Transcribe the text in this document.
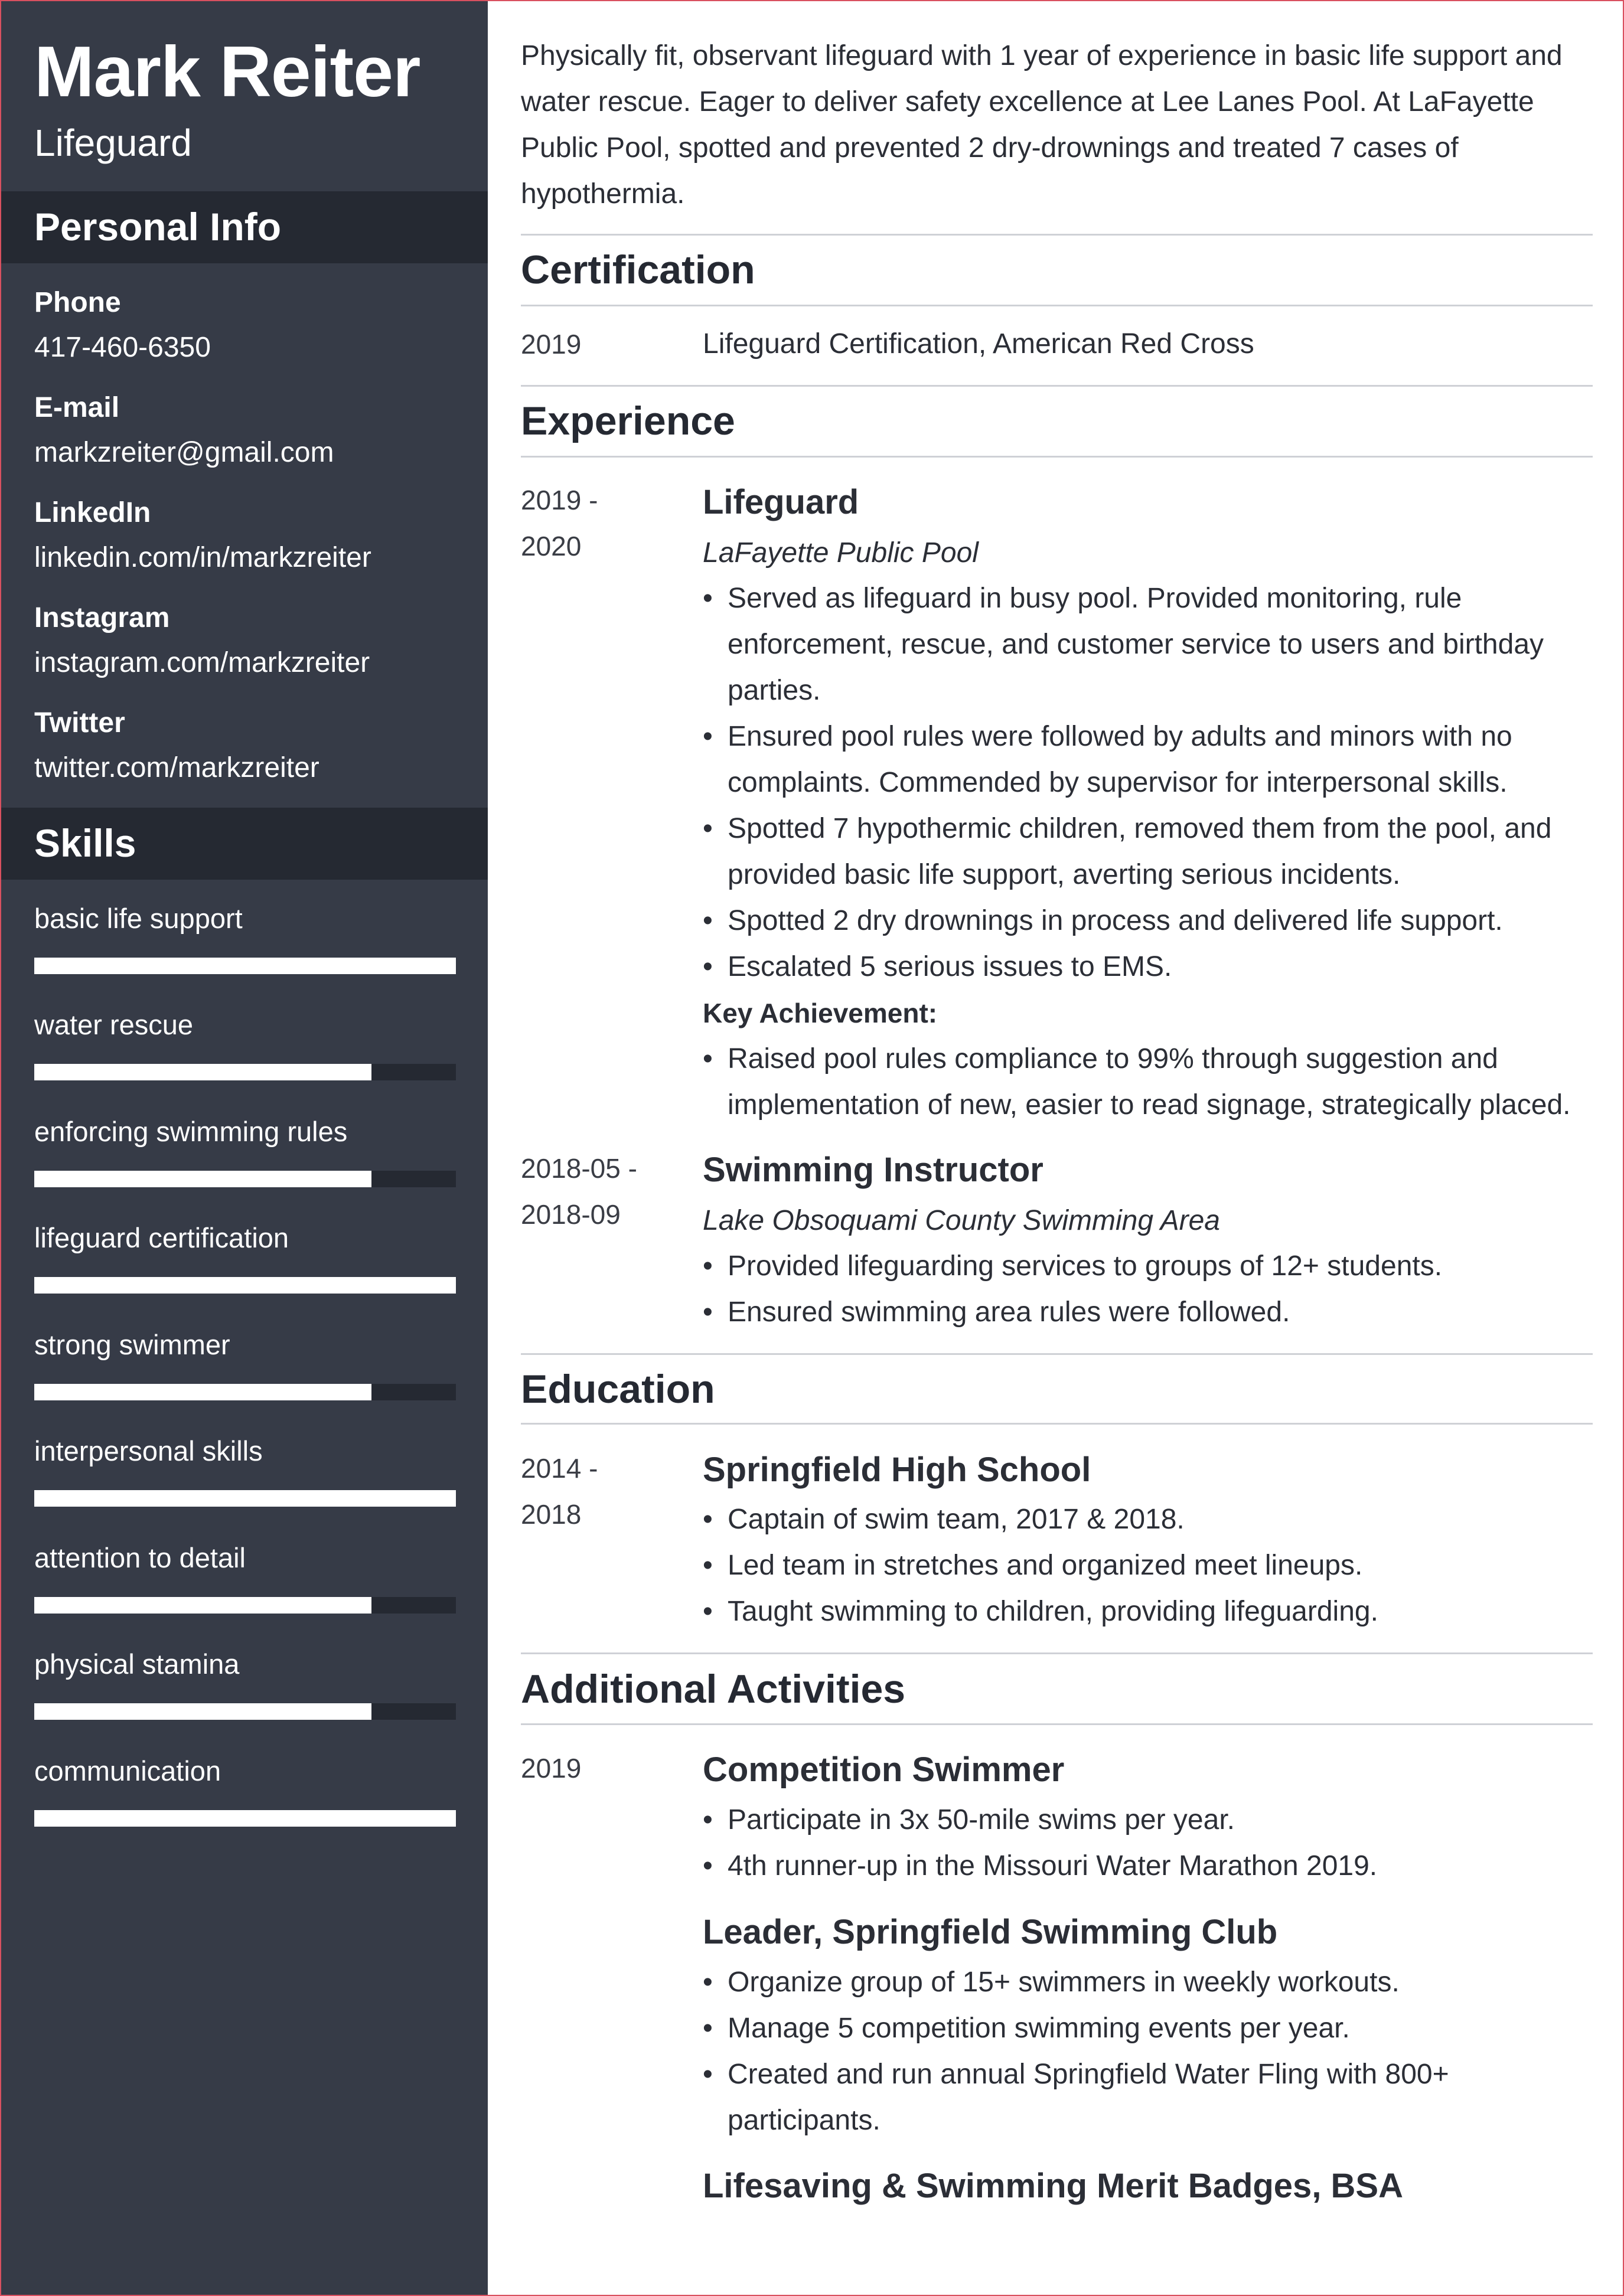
Mark Reiter
Lifeguard
Personal Info
Phone
417-460-6350
E-mail
markzreiter@gmail.com
LinkedIn
linkedin.com/in/markzreiter
Instagram
instagram.com/markzreiter
Twitter
twitter.com/markzreiter
Skills
basic life support
water rescue
enforcing swimming rules
lifeguard certification
strong swimmer
interpersonal skills
attention to detail
physical stamina
communication
Physically fit, observant lifeguard with 1 year of experience in basic life support and water rescue. Eager to deliver safety excellence at Lee Lanes Pool. At LaFayette Public Pool, spotted and prevented 2 dry-drownings and treated 7 cases of hypothermia.
Certification
2019	Lifeguard Certification, American Red Cross
Experience
2019 -
2020
Lifeguard
LaFayette Public Pool
• Served as lifeguard in busy pool. Provided monitoring, rule enforcement, rescue, and customer service to users and birthday parties.
• Ensured pool rules were followed by adults and minors with no complaints. Commended by supervisor for interpersonal skills.
• Spotted 7 hypothermic children, removed them from the pool, and provided basic life support, averting serious incidents.
• Spotted 2 dry drownings in process and delivered life support.
• Escalated 5 serious issues to EMS.
Key Achievement:
• Raised pool rules compliance to 99% through suggestion and implementation of new, easier to read signage, strategically placed.
2018-05 -
2018-09
Swimming Instructor
Lake Obsoquami County Swimming Area
• Provided lifeguarding services to groups of 12+ students.
• Ensured swimming area rules were followed.
Education
2014 -
2018
Springfield High School
• Captain of swim team, 2017 & 2018.
• Led team in stretches and organized meet lineups.
• Taught swimming to children, providing lifeguarding.
Additional Activities
2019	Competition Swimmer
• Participate in 3x 50-mile swims per year.
• 4th runner-up in the Missouri Water Marathon 2019.
Leader, Springfield Swimming Club
• Organize group of 15+ swimmers in weekly workouts.
• Manage 5 competition swimming events per year.
• Created and run annual Springfield Water Fling with 800+ participants.
Lifesaving & Swimming Merit Badges, BSA
